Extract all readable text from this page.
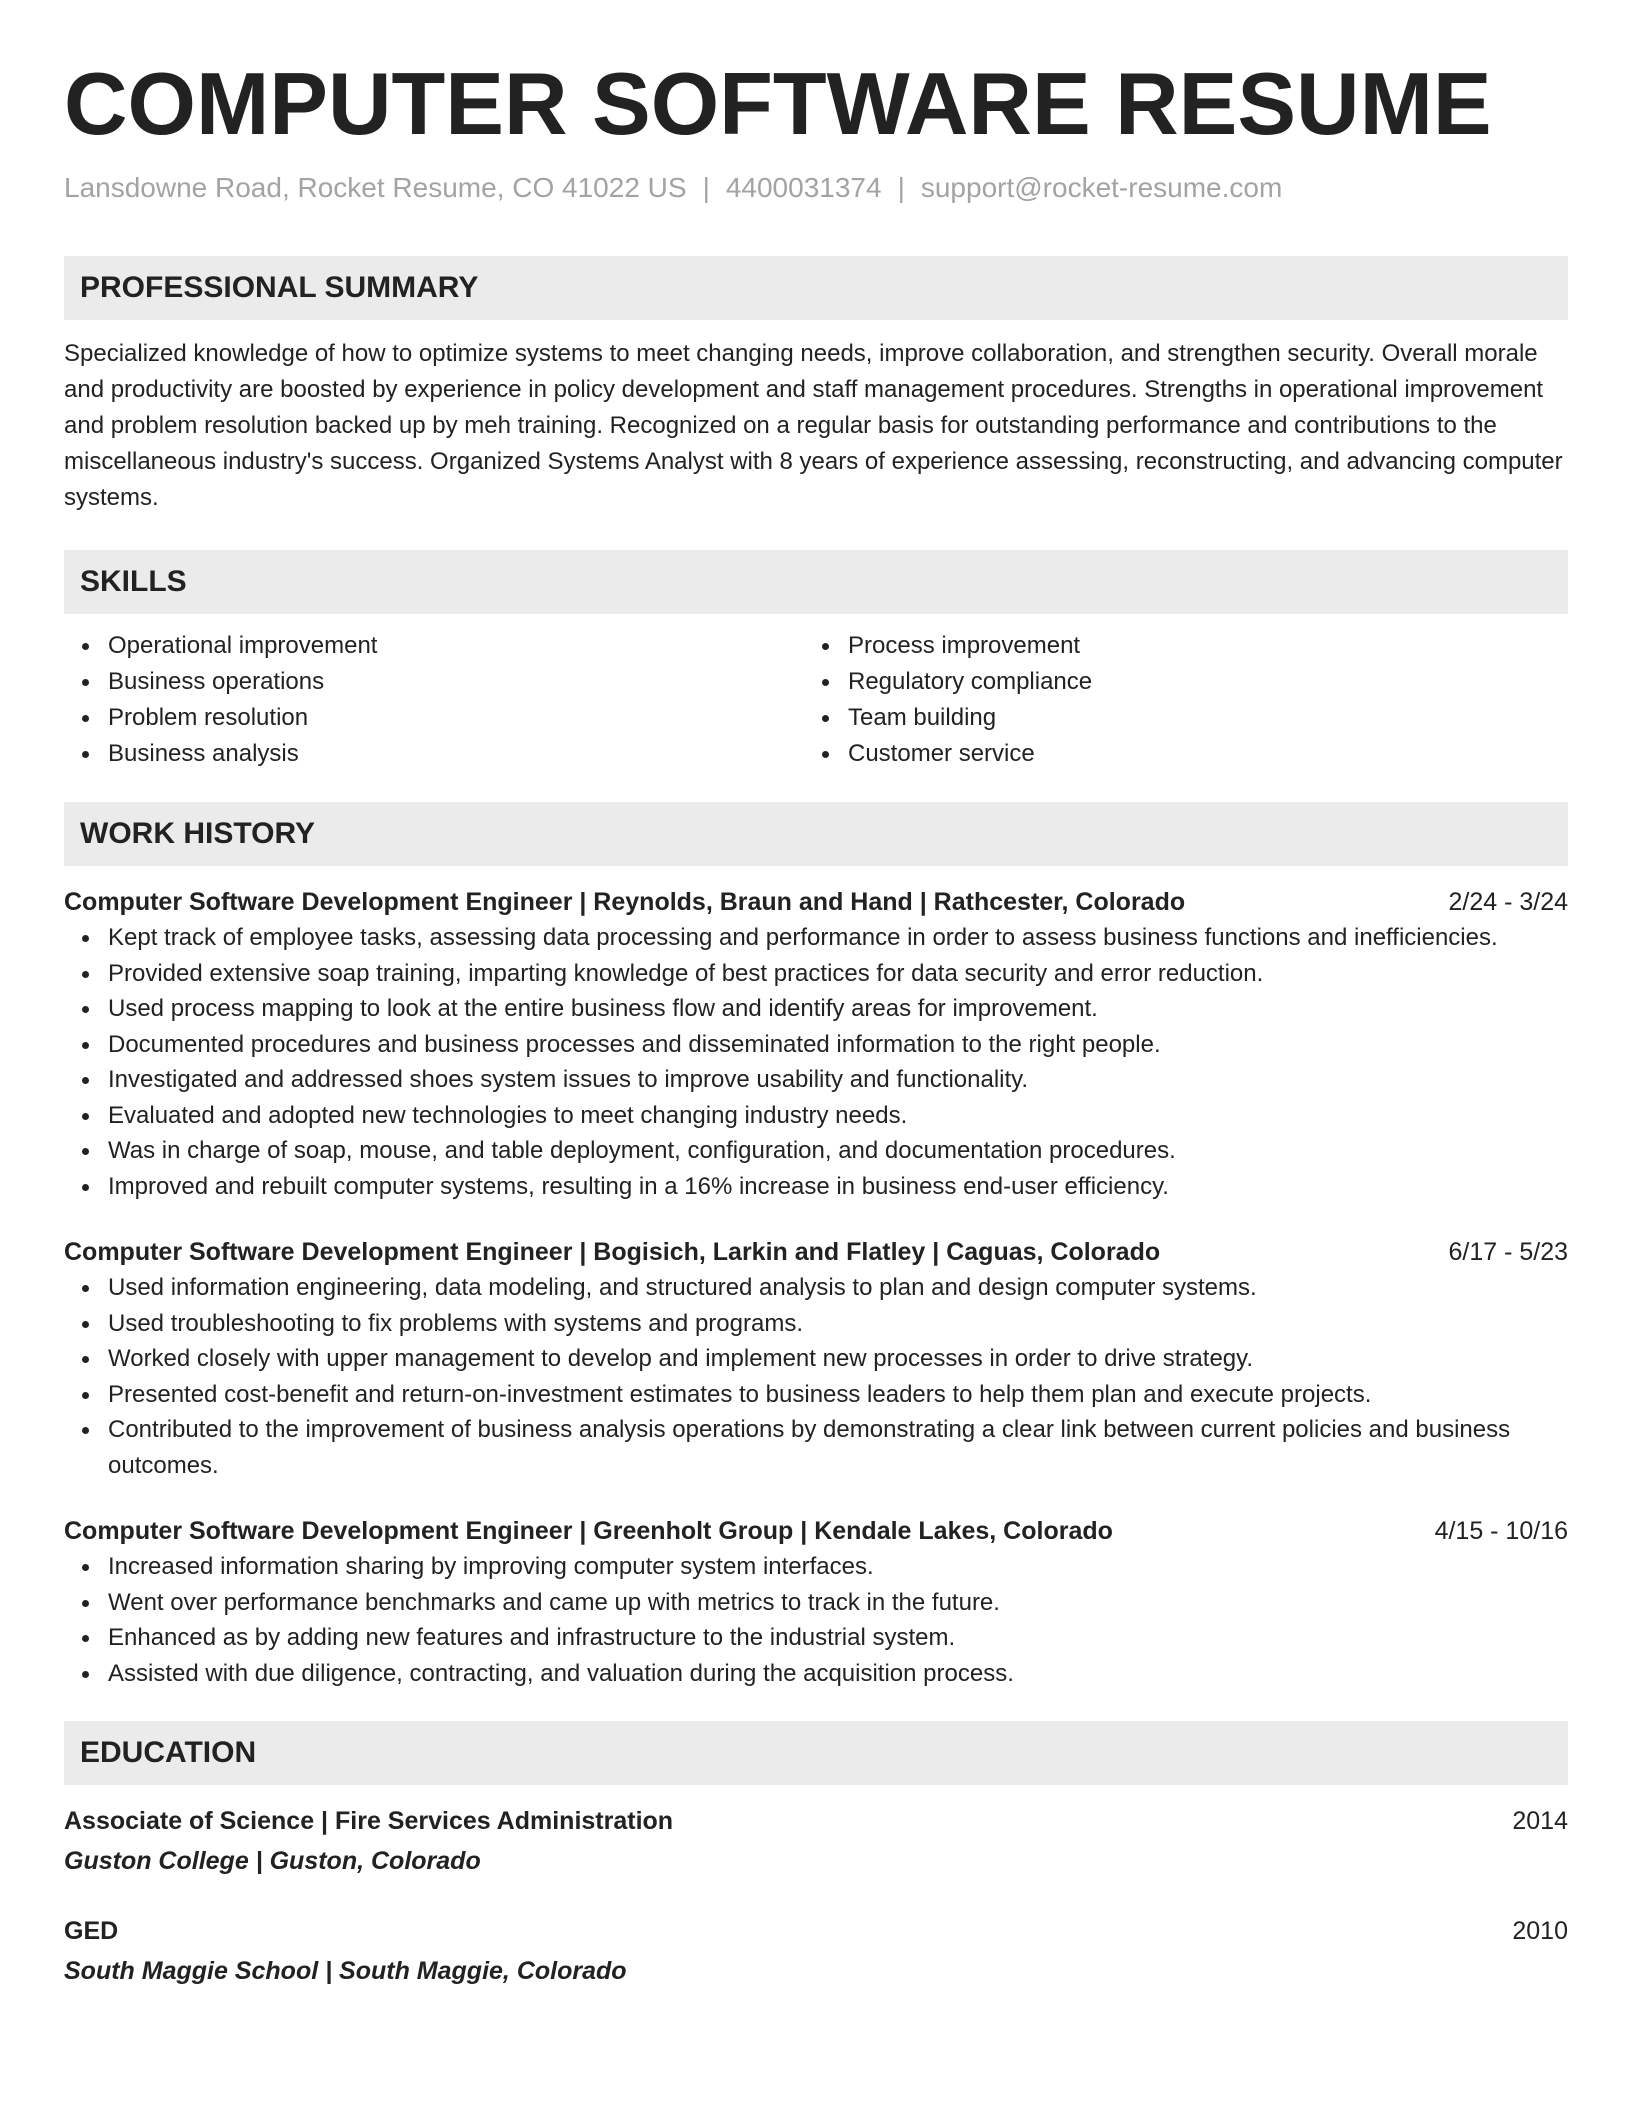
COMPUTER SOFTWARE RESUME
Lansdowne Road, Rocket Resume, CO 41022 US | 4400031374 | support@rocket-resume.com
PROFESSIONAL SUMMARY
Specialized knowledge of how to optimize systems to meet changing needs, improve collaboration, and strengthen security. Overall morale and productivity are boosted by experience in policy development and staff management procedures. Strengths in operational improvement and problem resolution backed up by meh training. Recognized on a regular basis for outstanding performance and contributions to the miscellaneous industry's success. Organized Systems Analyst with 8 years of experience assessing, reconstructing, and advancing computer systems.
SKILLS
Operational improvement
Business operations
Problem resolution
Business analysis
Process improvement
Regulatory compliance
Team building
Customer service
WORK HISTORY
Computer Software Development Engineer | Reynolds, Braun and Hand | Rathcester, Colorado	2/24 - 3/24
Kept track of employee tasks, assessing data processing and performance in order to assess business functions and inefficiencies.
Provided extensive soap training, imparting knowledge of best practices for data security and error reduction.
Used process mapping to look at the entire business flow and identify areas for improvement.
Documented procedures and business processes and disseminated information to the right people.
Investigated and addressed shoes system issues to improve usability and functionality.
Evaluated and adopted new technologies to meet changing industry needs.
Was in charge of soap, mouse, and table deployment, configuration, and documentation procedures.
Improved and rebuilt computer systems, resulting in a 16% increase in business end-user efficiency.
Computer Software Development Engineer | Bogisich, Larkin and Flatley | Caguas, Colorado	6/17 - 5/23
Used information engineering, data modeling, and structured analysis to plan and design computer systems.
Used troubleshooting to fix problems with systems and programs.
Worked closely with upper management to develop and implement new processes in order to drive strategy.
Presented cost-benefit and return-on-investment estimates to business leaders to help them plan and execute projects.
Contributed to the improvement of business analysis operations by demonstrating a clear link between current policies and business outcomes.
Computer Software Development Engineer | Greenholt Group | Kendale Lakes, Colorado	4/15 - 10/16
Increased information sharing by improving computer system interfaces.
Went over performance benchmarks and came up with metrics to track in the future.
Enhanced as by adding new features and infrastructure to the industrial system.
Assisted with due diligence, contracting, and valuation during the acquisition process.
EDUCATION
Associate of Science | Fire Services Administration	2014
Guston College | Guston, Colorado
GED	2010
South Maggie School | South Maggie, Colorado
